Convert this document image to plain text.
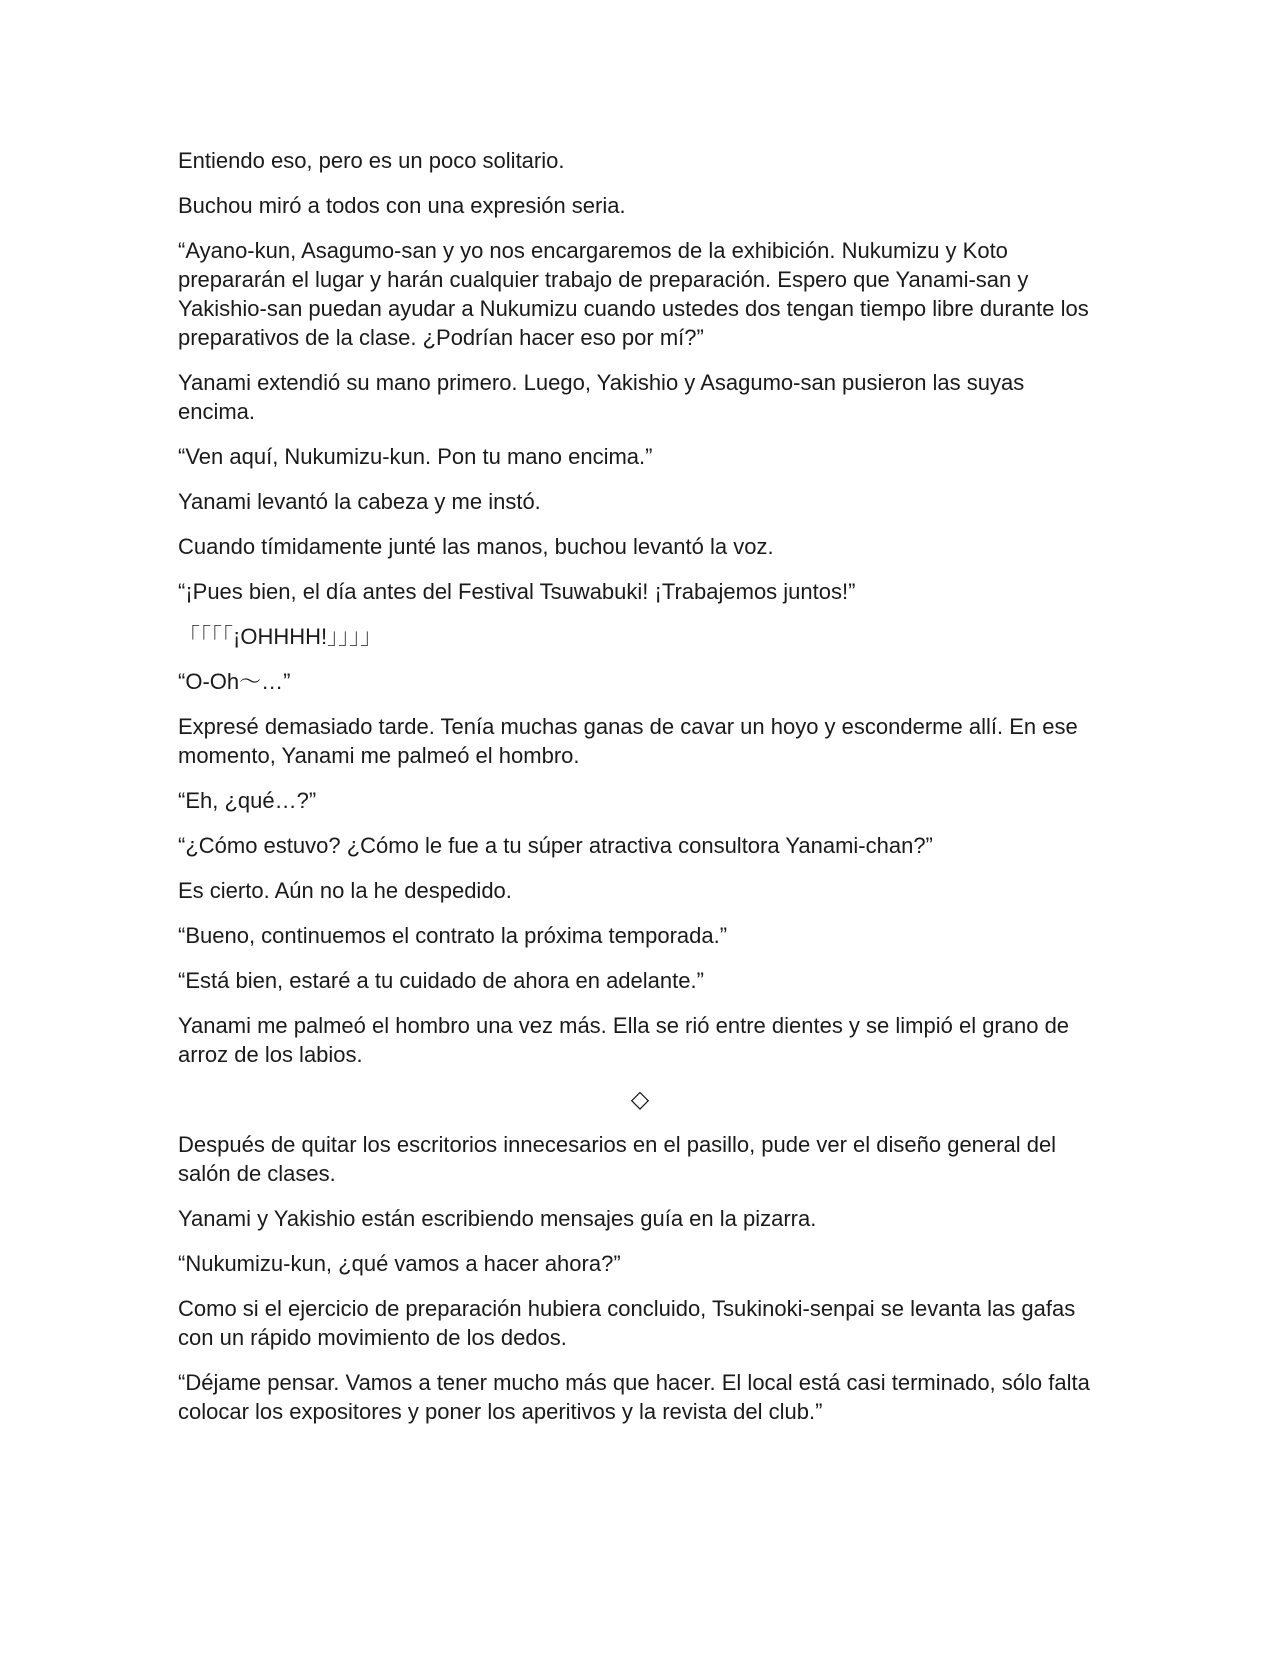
Entiendo eso, pero es un poco solitario.

Buchou miró a todos con una expresión seria.

“Ayano-kun, Asagumo-san y yo nos encargaremos de la exhibición. Nukumizu y Koto prepararán el lugar y harán cualquier trabajo de preparación. Espero que Yanami-san y Yakishio-san puedan ayudar a Nukumizu cuando ustedes dos tengan tiempo libre durante los preparativos de la clase. ¿Podrían hacer eso por mí?”

Yanami extendió su mano primero. Luego, Yakishio y Asagumo-san pusieron las suyas encima.

“Ven aquí, Nukumizu-kun. Pon tu mano encima.”

Yanami levantó la cabeza y me instó.

Cuando tímidamente junté las manos, buchou levantó la voz.

“¡Pues bien, el día antes del Festival Tsuwabuki! ¡Trabajemos juntos!”

「「「「¡OHHHH!」」」」

“O-Oh～…”

Expresé demasiado tarde. Tenía muchas ganas de cavar un hoyo y esconderme allí. En ese momento, Yanami me palmeó el hombro.

“Eh, ¿qué…?”

“¿Cómo estuvo? ¿Cómo le fue a tu súper atractiva consultora Yanami-chan?”

Es cierto. Aún no la he despedido.

“Bueno, continuemos el contrato la próxima temporada.”

“Está bien, estaré a tu cuidado de ahora en adelante.”

Yanami me palmeó el hombro una vez más. Ella se rió entre dientes y se limpió el grano de arroz de los labios.

◇

Después de quitar los escritorios innecesarios en el pasillo, pude ver el diseño general del salón de clases.

Yanami y Yakishio están escribiendo mensajes guía en la pizarra.

“Nukumizu-kun, ¿qué vamos a hacer ahora?”

Como si el ejercicio de preparación hubiera concluido, Tsukinoki-senpai se levanta las gafas con un rápido movimiento de los dedos.

“Déjame pensar. Vamos a tener mucho más que hacer. El local está casi terminado, sólo falta colocar los expositores y poner los aperitivos y la revista del club.”
